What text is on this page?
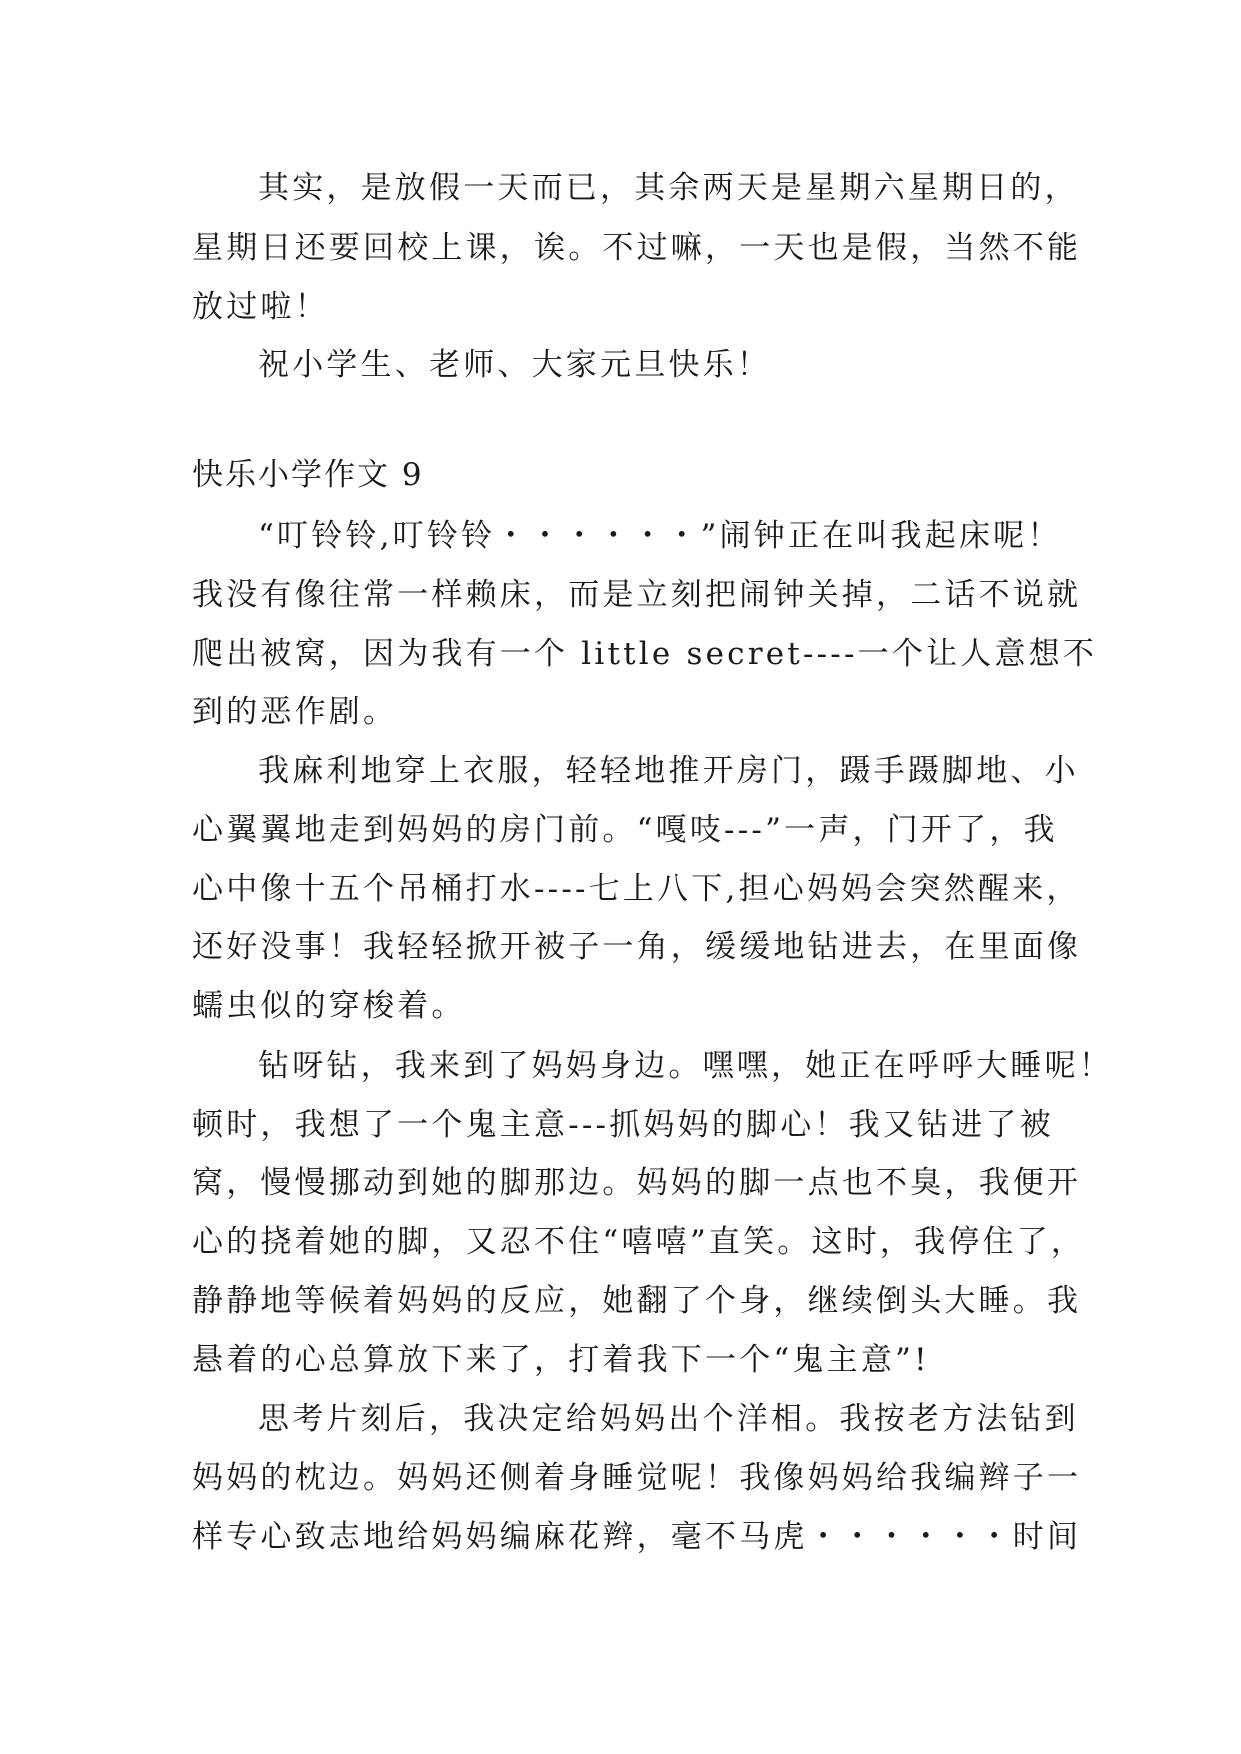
其实，是放假一天而已，其余两天是星期六星期日的，

星期日还要回校上课，诶。不过嘛，一天也是假，当然不能

放过啦！

祝小学生、老师、大家元旦快乐！

快乐小学作文 9

“叮铃铃,叮铃铃・・・・・・”闹钟正在叫我起床呢！

我没有像往常一样赖床，而是立刻把闹钟关掉，二话不说就

爬出被窝，因为我有一个 little secret----一个让人意想不

到的恶作剧。

我麻利地穿上衣服，轻轻地推开房门，蹑手蹑脚地、小

心翼翼地走到妈妈的房门前。“嘎吱---”一声，门开了，我

心中像十五个吊桶打水----七上八下,担心妈妈会突然醒来，

还好没事！我轻轻掀开被子一角，缓缓地钻进去，在里面像

蠕虫似的穿梭着。

钻呀钻，我来到了妈妈身边。嘿嘿，她正在呼呼大睡呢！

顿时，我想了一个鬼主意---抓妈妈的脚心！我又钻进了被

窝，慢慢挪动到她的脚那边。妈妈的脚一点也不臭，我便开

心的挠着她的脚，又忍不住“嘻嘻”直笑。这时，我停住了，

静静地等候着妈妈的反应，她翻了个身，继续倒头大睡。我

悬着的心总算放下来了，打着我下一个“鬼主意”!

思考片刻后，我决定给妈妈出个洋相。我按老方法钻到

妈妈的枕边。妈妈还侧着身睡觉呢！我像妈妈给我编辫子一

样专心致志地给妈妈编麻花辫，毫不马虎・・・・・・时间
